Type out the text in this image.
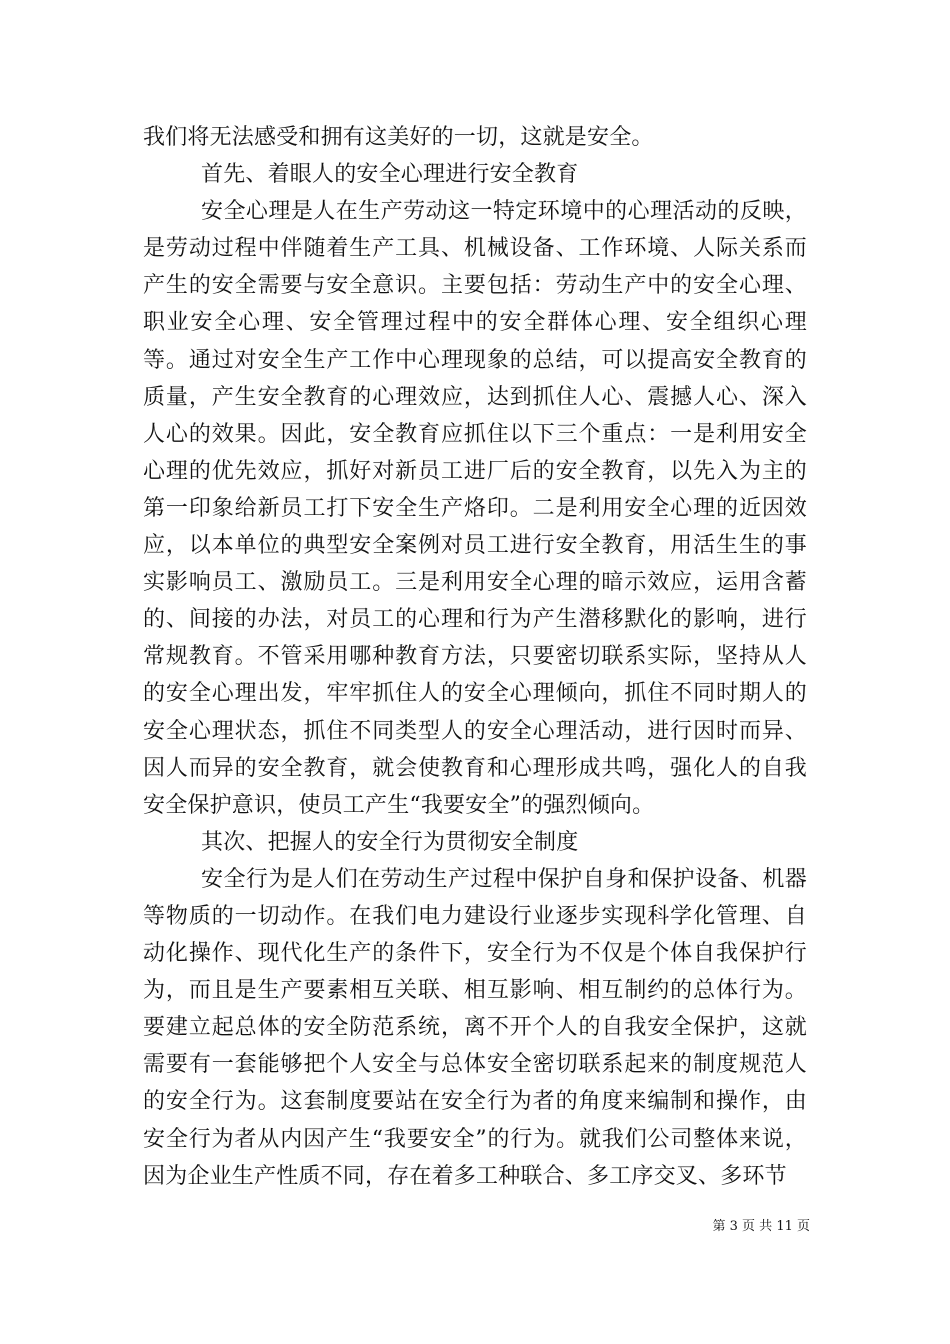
我们将无法感受和拥有这美好的一切，这就是安全。

首先、着眼人的安全心理进行安全教育

安全心理是人在生产劳动这一特定环境中的心理活动的反映，是劳动过程中伴随着生产工具、机械设备、工作环境、人际关系而产生的安全需要与安全意识。主要包括：劳动生产中的安全心理、职业安全心理、安全管理过程中的安全群体心理、安全组织心理等。通过对安全生产工作中心理现象的总结，可以提高安全教育的质量，产生安全教育的心理效应，达到抓住人心、震撼人心、深入人心的效果。因此，安全教育应抓住以下三个重点：一是利用安全心理的优先效应，抓好对新员工进厂后的安全教育，以先入为主的第一印象给新员工打下安全生产烙印。二是利用安全心理的近因效应，以本单位的典型安全案例对员工进行安全教育，用活生生的事实影响员工、激励员工。三是利用安全心理的暗示效应，运用含蓄的、间接的办法，对员工的心理和行为产生潜移默化的影响，进行常规教育。不管采用哪种教育方法，只要密切联系实际，坚持从人的安全心理出发，牢牢抓住人的安全心理倾向，抓住不同时期人的安全心理状态，抓住不同类型人的安全心理活动，进行因时而异、因人而异的安全教育，就会使教育和心理形成共鸣，强化人的自我安全保护意识，使员工产生“我要安全”的强烈倾向。

其次、把握人的安全行为贯彻安全制度

安全行为是人们在劳动生产过程中保护自身和保护设备、机器等物质的一切动作。在我们电力建设行业逐步实现科学化管理、自动化操作、现代化生产的条件下，安全行为不仅是个体自我保护行为，而且是生产要素相互关联、相互影响、相互制约的总体行为。要建立起总体的安全防范系统，离不开个人的自我安全保护，这就需要有一套能够把个人安全与总体安全密切联系起来的制度规范人的安全行为。这套制度要站在安全行为者的角度来编制和操作，由安全行为者从内因产生“我要安全”的行为。就我们公司整体来说，因为企业生产性质不同，存在着多工种联合、多工序交叉、多环节

第 3 页 共 11 页
